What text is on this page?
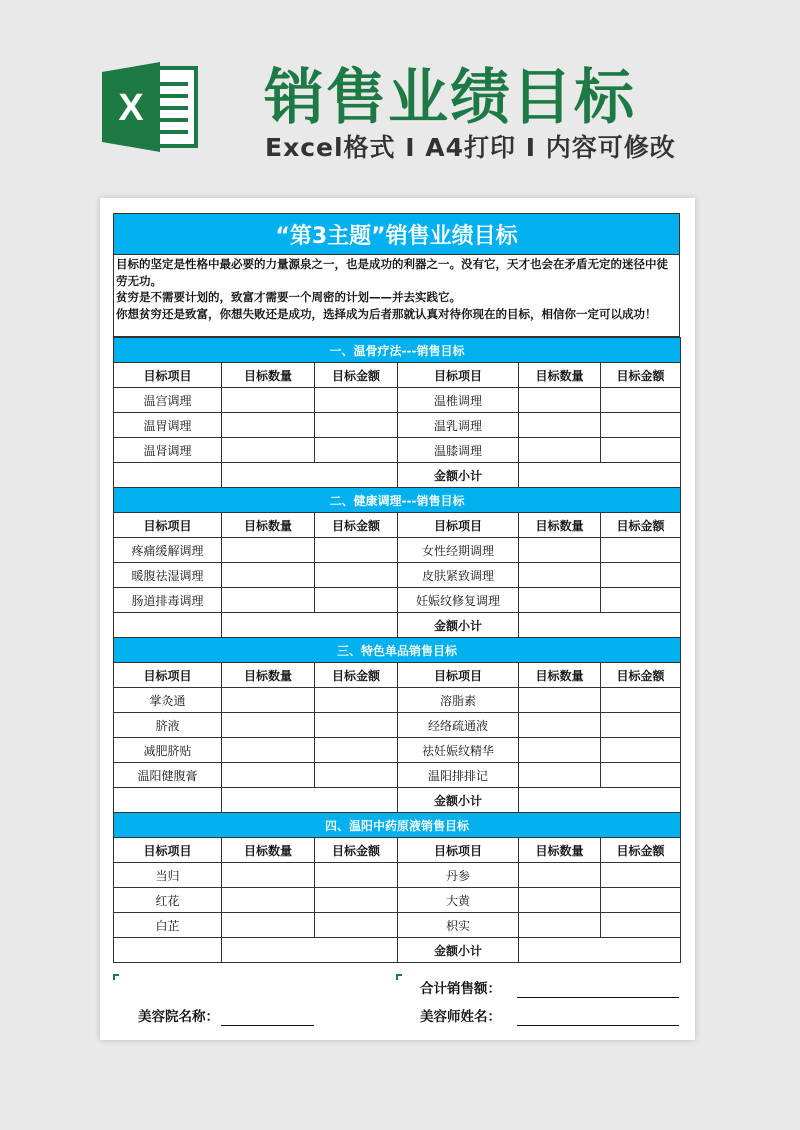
X 销售业绩目标
Excel格式 I A4打印 I 内容可修改
“第3主题”销售业绩目标

目标的坚定是性格中最必要的力量源泉之一，也是成功的利器之一。没有它，天才也会在矛盾无定的迷径中徒劳无功。

贫穷是不需要计划的，致富才需要一个周密的计划——并去实践它。

你想贫穷还是致富，你想失败还是成功，选择成为后者那就认真对待你现在的目标，相信你一定可以成功！

一、温骨疗法---销售目标					
目标项目	目标数量	目标金额	目标项目	目标数量	目标金额
温宫调理			温椎调理		
温胃调理			温乳调理		
温肾调理			温膝调理		
			金额小计		
二、健康调理---销售目标					
目标项目	目标数量	目标金额	目标项目	目标数量	目标金额
疼痛缓解调理			女性经期调理		
暖腹祛湿调理			皮肤紧致调理		
肠道排毒调理			妊娠纹修复调理		
			金额小计		
三、特色单品销售目标					
目标项目	目标数量	目标金额	目标项目	目标数量	目标金额
掌灸通			溶脂素		
脐液			经络疏通液		
减肥脐贴			祛妊娠纹精华		
温阳健腹膏			温阳排排记		
			金额小计		
四、温阳中药原液销售目标					
目标项目	目标数量	目标金额	目标项目	目标数量	目标金额
当归			丹参		
红花			大黄		
白芷			枳实		
			金额小计		
合计销售额：
美容院名称：	美容师姓名：
